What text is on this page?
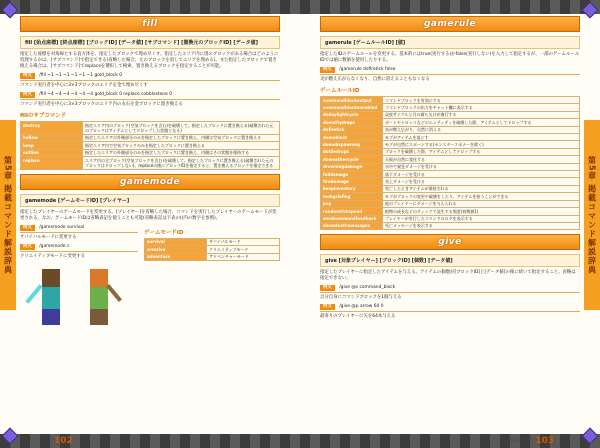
第5章 掲載コマンド解説辞典
fill
fill [始点座標] [終点座標] [ブロックID] [データ値] [サブコマンド] [置換元のブロックID] [データ値]
指定した座標を対角線とする直方体を、指定したブロックで埋め尽くす。指定したエリア内に別のブロックがある場合はどのように処理するかは、[サブコマンド]で指定できる(省略した場合、元のブロックを消してエリアを埋める)。また指定したブロックで置き換える場合は、[サブコマンド]でreplaceを選択して検索、置き換えるブロックを指定することが可能。
例文 /fill ~1 ~1 ~1 ~1 ~1 ~1 gold_block 0
コマンド実行者を中心に3×3ブロックのエリアを金で埋め尽くす
例文 /fill ~4 ~4 ~4 ~4 ~4 ~4 gold_block 0 replace cobblestone 0
コマンド実行者を中心に3×3ブロックのエリア内の丸石を金ブロックに置き換える
fillのサブコマンド
destroy	指定エリア内のブロック(空気ブロックを含む)を破壊して、指定したブロックに置き換える(破壊された元のブロックはアイテムとしてドロップした状態となる)
hollow	指定したエリアの外側部分のみを指定したブロックに置き換え、内側は空気ブロックに置き換える
keep	指定エリア内で空気ブロックのみを指定したブロックに置き換える
outline	指定したエリアの外側部分のみを指定したブロックに置き換え、内側はその状態を維持する
replace	エリア内の全ブロック(空気ブロックを含む)を破壊して、指定したブロックに置き換える(破壊された元のブロックはドロップしない)。replaceの後にブロックIDを指定すると、置き換えるブロックを指定できる
gamemode
gamemode [ゲームモードID] [プレイヤー]
指定したプレイヤーのゲームモードを変更する。[プレイヤー]を省略した場合、コマンドを実行したプレイヤーのゲームモードが変更される。なお、ゲームモードIDは省略表記を使うことも可能(省略表記は下表の()内の数字を参照)。
例文 /gamemode survival
サバイバルモードに変更する
例文 /gamemode c
クリエイティブモードに変更する
ゲームモードID
survival	サバイバルモード
creative	クリエイティブモード
adventure	アドベンチャーモード
102
第5章 掲載コマンド解説辞典
gamerule
gamerule [ゲームルールID] [値]
指定したIDのゲームルールを変更する。基本的にはtrue(実行する)かfalse(実行しない)を入力して指定するが、一部のゲームルールIDでは値に数値を使用したりする。
例文 /gamerule dofiretick false
炎が燃え広がらなくなり、自然に消えることもなくなる
ゲームルールID
commandblockoutput	コマンドブロックを有効にする
commandblocksenabled	コマンドブロックの出力をチャット欄に表示する
dodaylightcycle	昼夜サイクルと月の満ち欠けが進行する
doentitydrops	ボートやトロッコなどのエンティティを破壊した際、アイテムとしてドロップする
dofiretick	炎が燃え広がり、自然に消える
domobloot	モブがアイテムを落とす
domobspawning	モブが自然にスポーンする(モンスタースポナーを除く)
dotiledrops	ブロックを破壊した際、アイテムとしてドロップする
doweathercycle	天候が自然に変化する
drowningdamage	水中で窒息ダメージを受ける
falldamage	落下ダメージを受ける
firedamage	炎上ダメージを受ける
keepinventory	死亡したときアイテムが保持される
mobgriefing	モブがブロックの変更や破壊をしたり、アイテムを拾うことができる
pvp	他のプレイヤーにダメージを与えられる
randomtickspeed	植物の成長などのティックで発生する頻度(初期値1)
sendcommandfeedback	プレイヤーが実行したコマンドのログを表示する
showdeathmessages	死亡メッセージを表示する
give
give [対象プレイヤー] [ブロックID] [個数] [データ値]
指定したプレイヤーに指定したアイテムを与える。アイテムの個数が[ブロックID]と[データ値]の後に続いて指定すること。省略は指定できない。
例文 /give @s command_block
自分自身にコマンドブロックを1個与える
例文 /give @p arrow 64 0
最寄りのプレイヤーに矢を64本与える
※□は半角スペース
103
